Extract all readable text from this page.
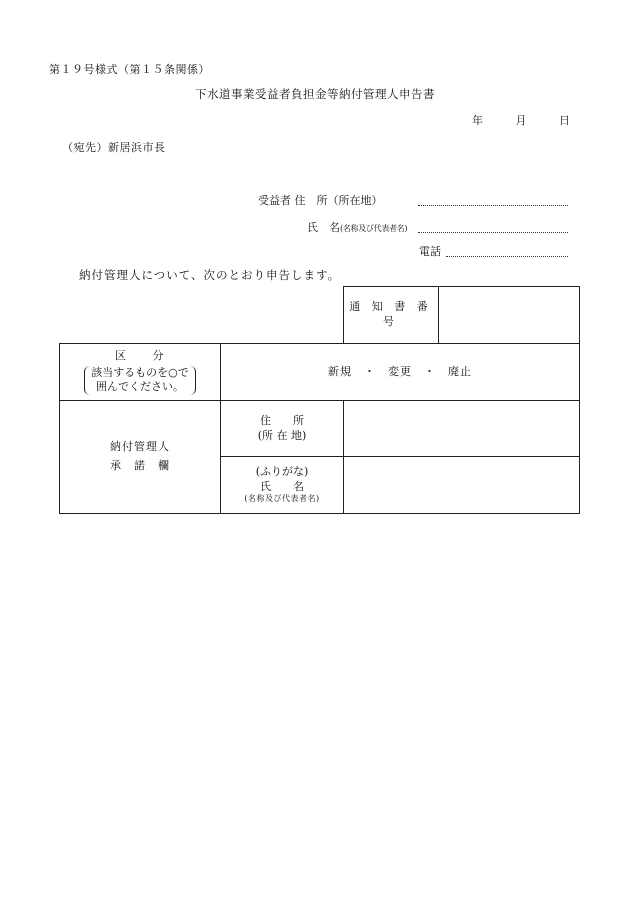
第１９号様式（第１５条関係）
下水道事業受益者負担金等納付管理人申告書
年	月	日
（宛先）新居浜市長
受益者 住　所（所在地）
氏　名(名称及び代表者名)
電話
納付管理人について、次のとおり申告します。
通 知 書 番 号
区　　分
該当するものを○で
囲んでください。
新規　・　変更　・　廃止
納付管理人
承　諾　欄
住　　所
(所 在 地)
(ふりがな)
氏　　名
(名称及び代表者名)
